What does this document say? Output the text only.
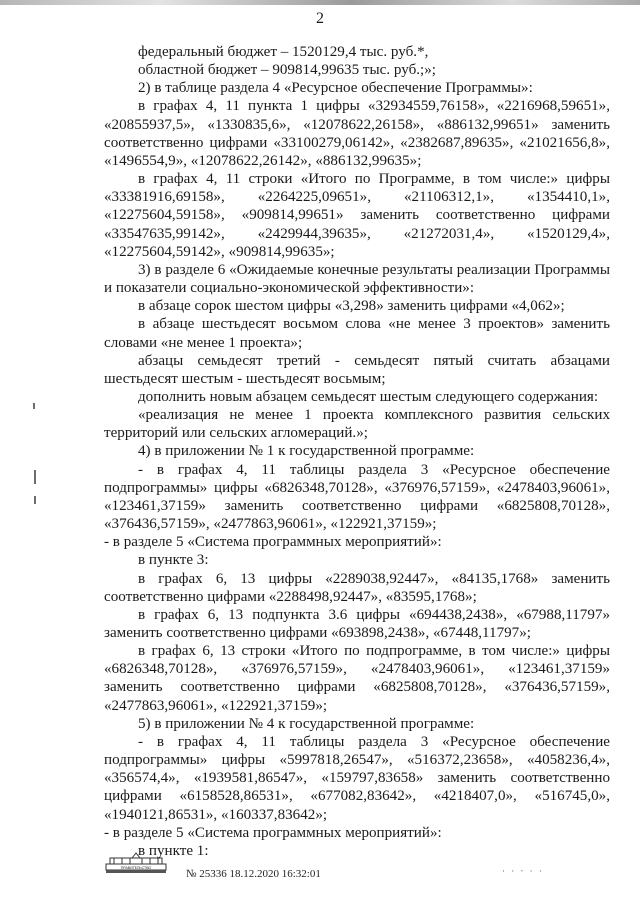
2

федеральный бюджет – 1520129,4 тыс. руб.*,

областной бюджет – 909814,99635 тыс. руб.;»;

2) в таблице раздела 4 «Ресурсное обеспечение Программы»:

в графах 4, 11 пункта 1 цифры «32934559,76158», «2216968,59651», «20855937,5», «1330835,6», «12078622,26158», «886132,99651» заменить соответственно цифрами «33100279,06142», «2382687,89635», «21021656,8», «1496554,9», «12078622,26142», «886132,99635»;

в графах 4, 11 строки «Итого по Программе, в том числе:» цифры «33381916,69158», «2264225,09651», «21106312,1», «1354410,1», «12275604,59158», «909814,99651» заменить соответственно цифрами «33547635,99142», «2429944,39635», «21272031,4», «1520129,4», «12275604,59142», «909814,99635»;

3) в разделе 6 «Ожидаемые конечные результаты реализации Программы и показатели социально-экономической эффективности»:

в абзаце сорок шестом цифры «3,298» заменить цифрами «4,062»;

в абзаце шестьдесят восьмом слова «не менее 3 проектов» заменить словами «не менее 1 проекта»;

абзацы семьдесят третий - семьдесят пятый считать абзацами шестьдесят шестым - шестьдесят восьмым;

дополнить новым абзацем семьдесят шестым следующего содержания:

«реализация не менее 1 проекта комплексного развития сельских территорий или сельских агломераций.»;

4) в приложении № 1 к государственной программе:

- в графах 4, 11 таблицы раздела 3 «Ресурсное обеспечение подпрограммы» цифры «6826348,70128», «376976,57159», «2478403,96061», «123461,37159» заменить соответственно цифрами «6825808,70128», «376436,57159», «2477863,96061», «122921,37159»;

- в разделе 5 «Система программных мероприятий»:

в пункте 3:

в графах 6, 13 цифры «2289038,92447», «84135,1768» заменить соответственно цифрами «2288498,92447», «83595,1768»;

в графах 6, 13 подпункта 3.6 цифры «694438,2438», «67988,11797» заменить соответственно цифрами «693898,2438», «67448,11797»;

в графах 6, 13 строки «Итого по подпрограмме, в том числе:» цифры «6826348,70128», «376976,57159», «2478403,96061», «123461,37159» заменить соответственно цифрами «6825808,70128», «376436,57159», «2477863,96061», «122921,37159»;

5) в приложении № 4 к государственной программе:

- в графах 4, 11 таблицы раздела 3 «Ресурсное обеспечение подпрограммы» цифры «5997818,26547», «516372,23658», «4058236,4», «356574,4», «1939581,86547», «159797,83658» заменить соответственно цифрами «6158528,86531», «677082,83642», «4218407,0», «516745,0», «1940121,86531», «160337,83642»;

- в разделе 5 «Система программных мероприятий»:

в пункте 1:

ПРАВИТЕЛЬСТВО	№ 25336 18.12.2020 16:32:01	· · ‧ · ·
